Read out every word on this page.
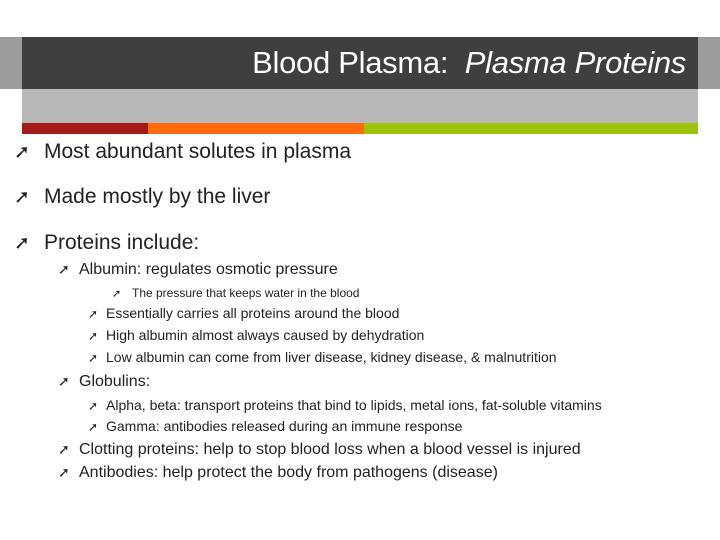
Blood Plasma: Plasma Proteins
➚ Most abundant solutes in plasma
➚ Made mostly by the liver
➚ Proteins include:
➚ Albumin: regulates osmotic pressure
➚ The pressure that keeps water in the blood
➚ Essentially carries all proteins around the blood
➚ High albumin almost always caused by dehydration
➚ Low albumin can come from liver disease, kidney disease, & malnutrition
➚ Globulins:
➚ Alpha, beta: transport proteins that bind to lipids, metal ions, fat-soluble vitamins
➚ Gamma: antibodies released during an immune response
➚ Clotting proteins: help to stop blood loss when a blood vessel is injured
➚ Antibodies: help protect the body from pathogens (disease)
